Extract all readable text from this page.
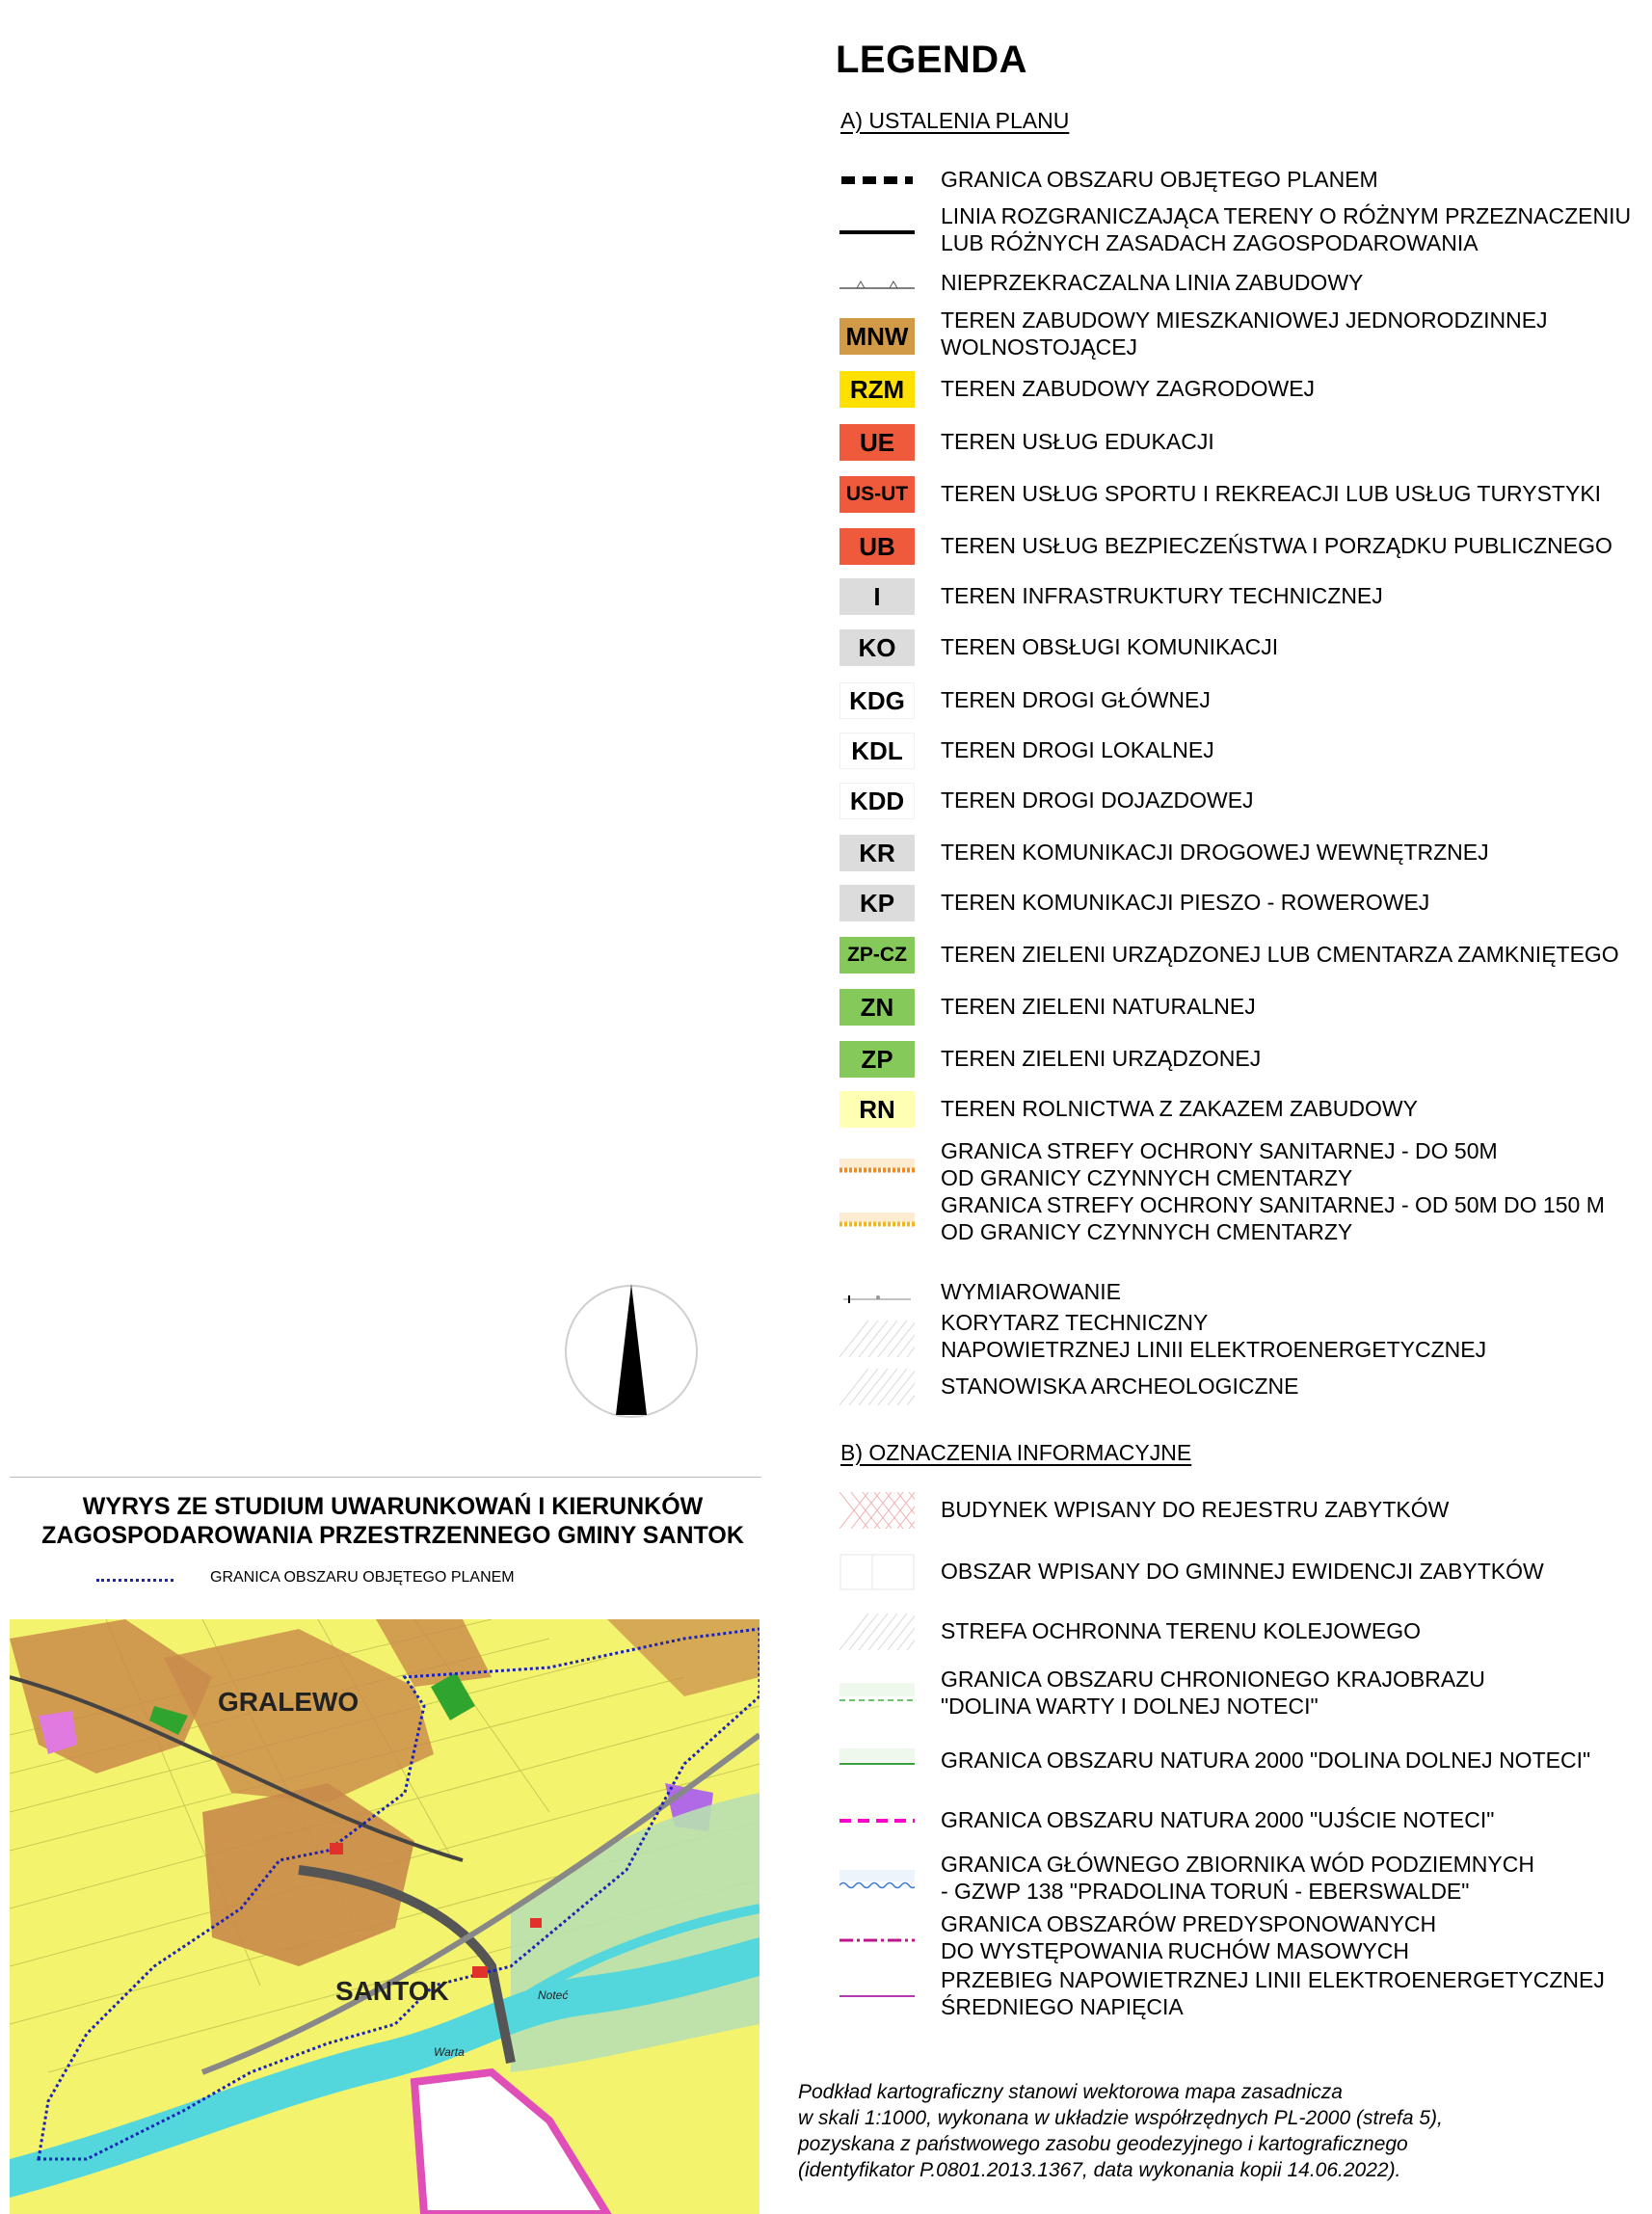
LEGENDA
A) USTALENIA PLANU
GRANICA OBSZARU OBJĘTEGO PLANEM
LINIA ROZGRANICZAJĄCA TERENY O RÓŻNYM PRZEZNACZENIU
LUB RÓŻNYCH ZASADACH ZAGOSPODAROWANIA
NIEPRZEKRACZALNA LINIA ZABUDOWY
MNW
TEREN ZABUDOWY MIESZKANIOWEJ JEDNORODZINNEJ
WOLNOSTOJĄCEJ
RZM TEREN ZABUDOWY ZAGRODOWEJ
UE TEREN USŁUG EDUKACJI
US-UT TEREN USŁUG SPORTU I REKREACJI LUB USŁUG TURYSTYKI
UB TEREN USŁUG BEZPIECZEŃSTWA I PORZĄDKU PUBLICZNEGO
I	TEREN INFRASTRUKTURY TECHNICZNEJ
KO TEREN OBSŁUGI KOMUNIKACJI
KDG TEREN DROGI GŁÓWNEJ
KDL TEREN DROGI LOKALNEJ
KDD TEREN DROGI DOJAZDOWEJ
KR TEREN KOMUNIKACJI DROGOWEJ WEWNĘTRZNEJ
KP TEREN KOMUNIKACJI PIESZO - ROWEROWEJ
ZP-CZ TEREN ZIELENI URZĄDZONEJ LUB CMENTARZA ZAMKNIĘTEGO
ZN TEREN ZIELENI NATURALNEJ
ZP TEREN ZIELENI URZĄDZONEJ
RN TEREN ROLNICTWA Z ZAKAZEM ZABUDOWY
GRANICA STREFY OCHRONY SANITARNEJ - DO 50M
OD GRANICY CZYNNYCH CMENTARZY
GRANICA STREFY OCHRONY SANITARNEJ - OD 50M DO 150 M
OD GRANICY CZYNNYCH CMENTARZY
WYMIAROWANIE
KORYTARZ TECHNICZNY
NAPOWIETRZNEJ LINII ELEKTROENERGETYCZNEJ
STANOWISKA ARCHEOLOGICZNE
B) OZNACZENIA INFORMACYJNE
BUDYNEK WPISANY DO REJESTRU ZABYTKÓW
OBSZAR WPISANY DO GMINNEJ EWIDENCJI ZABYTKÓW
STREFA OCHRONNA TERENU KOLEJOWEGO
GRANICA OBSZARU CHRONIONEGO KRAJOBRAZU
"DOLINA WARTY I DOLNEJ NOTECI"
GRANICA OBSZARU NATURA 2000 "DOLINA DOLNEJ NOTECI"
GRANICA OBSZARU NATURA 2000 "UJŚCIE NOTECI"
GRANICA GŁÓWNEGO ZBIORNIKA WÓD PODZIEMNYCH
- GZWP 138 "PRADOLINA TORUŃ - EBERSWALDE"
GRANICA OBSZARÓW PREDYSPONOWANYCH
DO WYSTĘPOWANIA RUCHÓW MASOWYCH
PRZEBIEG NAPOWIETRZNEJ LINII ELEKTROENERGETYCZNEJ
ŚREDNIEGO NAPIĘCIA
WYRYS ZE STUDIUM UWARUNKOWAŃ I KIERUNKÓW
ZAGOSPODAROWANIA PRZESTRZENNEGO GMINY SANTOK
GRANICA OBSZARU OBJĘTEGO PLANEM
GRALEWO
SANTOK
Warta
Noteć
Podkład kartograficzny stanowi wektorowa mapa zasadnicza
w skali 1:1000, wykonana w układzie współrzędnych PL-2000 (strefa 5),
pozyskana z państwowego zasobu geodezyjnego i kartograficznego
(identyfikator P.0801.2013.1367, data wykonania kopii 14.06.2022).
